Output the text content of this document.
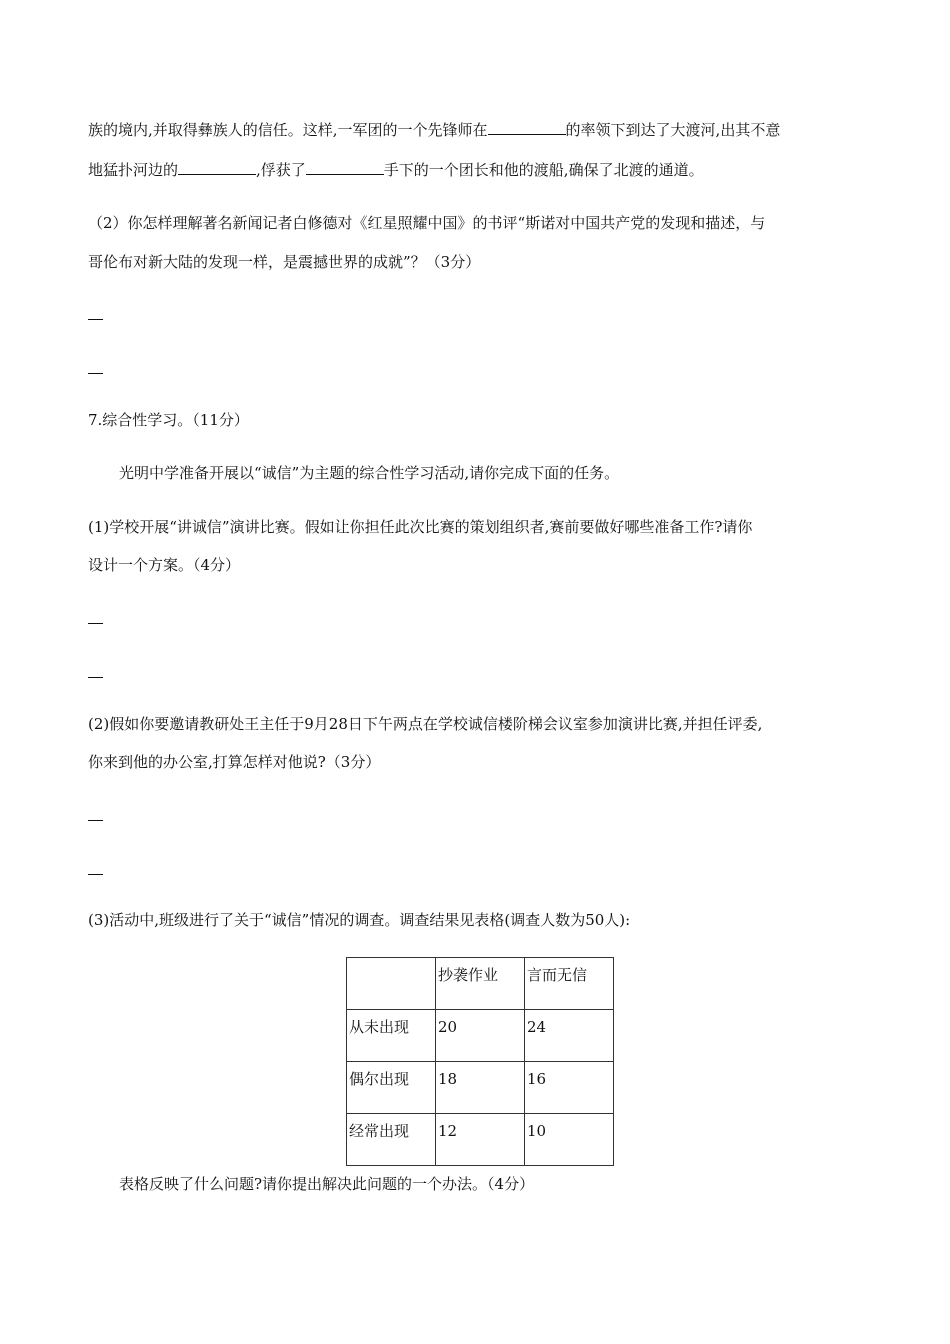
族的境内,并取得彝族人的信任。这样,一军团的一个先锋师在	的率领下到达了大渡河,出其不意
地猛扑河边的	,俘获了	手下的一个团长和他的渡船,确保了北渡的通道。
（2）你怎样理解著名新闻记者白修德对《红星照耀中国》的书评“斯诺对中国共产党的发现和描述，与
哥伦布对新大陆的发现一样，是震撼世界的成就”？（3分）
7.综合性学习。（11分）
光明中学准备开展以“诚信”为主题的综合性学习活动,请你完成下面的任务。
(1)学校开展“讲诚信”演讲比赛。假如让你担任此次比赛的策划组织者,赛前要做好哪些准备工作?请你
设计一个方案。（4分）
(2)假如你要邀请教研处王主任于9月28日下午两点在学校诚信楼阶梯会议室参加演讲比赛,并担任评委,
你来到他的办公室,打算怎样对他说?（3分）
(3)活动中,班级进行了关于“诚信”情况的调查。调查结果见表格(调查人数为50人):
	抄袭作业	言而无信
从未出现	20	24
偶尔出现	18	16
经常出现	12	10
表格反映了什么问题?请你提出解决此问题的一个办法。（4分）
